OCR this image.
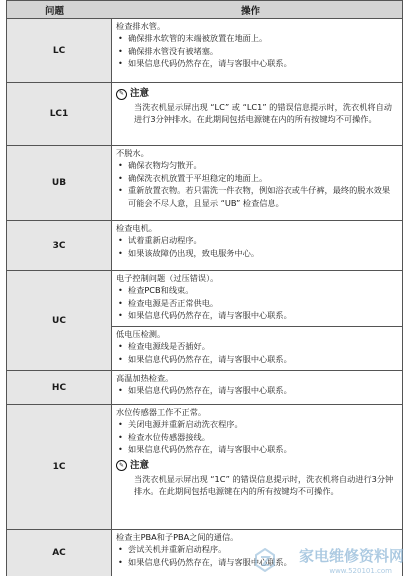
问题	操作
LC
检查排水管。
• 确保排水软管的末端被放置在地面上。
• 确保排水管没有被堵塞。
• 如果信息代码仍然存在，请与客服中心联系。
LC1
✎ 注意
当洗衣机显示屏出现 “LC” 或 “LC1” 的错误信息提示时，洗衣机将自动进行3分钟排水。在此期间包括电源键在内的所有按键均不可操作。
UB
不脱水。
• 确保衣物均匀散开。
• 确保洗衣机放置于平坦稳定的地面上。
• 重新放置衣物。若只需洗一件衣物，例如浴衣或牛仔裤，最终的脱水效果可能会不尽人意，且显示 “UB” 检查信息。
3C
检查电机。
• 试着重新启动程序。
• 如果该故障仍出现，致电服务中心。
UC
电子控制问题（过压错误）。
• 检查PCB和线束。
• 检查电源是否正常供电。
• 如果信息代码仍然存在，请与客服中心联系。
低电压检测。
• 检查电源线是否插好。
• 如果信息代码仍然存在，请与客服中心联系。
HC
高温加热检查。
• 如果信息代码仍然存在，请与客服中心联系。
1C
水位传感器工作不正常。
• 关闭电源并重新启动洗衣程序。
• 检查水位传感器接线。
• 如果信息代码仍然存在，请与客服中心联系。
✎ 注意
当洗衣机显示屏出现 “1C” 的错误信息提示时，洗衣机将自动进行3分钟排水。在此期间包括电源键在内的所有按键均不可操作。
AC
检查主PBA和子PBA之间的通信。
• 尝试关机并重新启动程序。
• 如果信息代码仍然存在，请与客服中心联系。 家电维修资料网
www.520101.com
